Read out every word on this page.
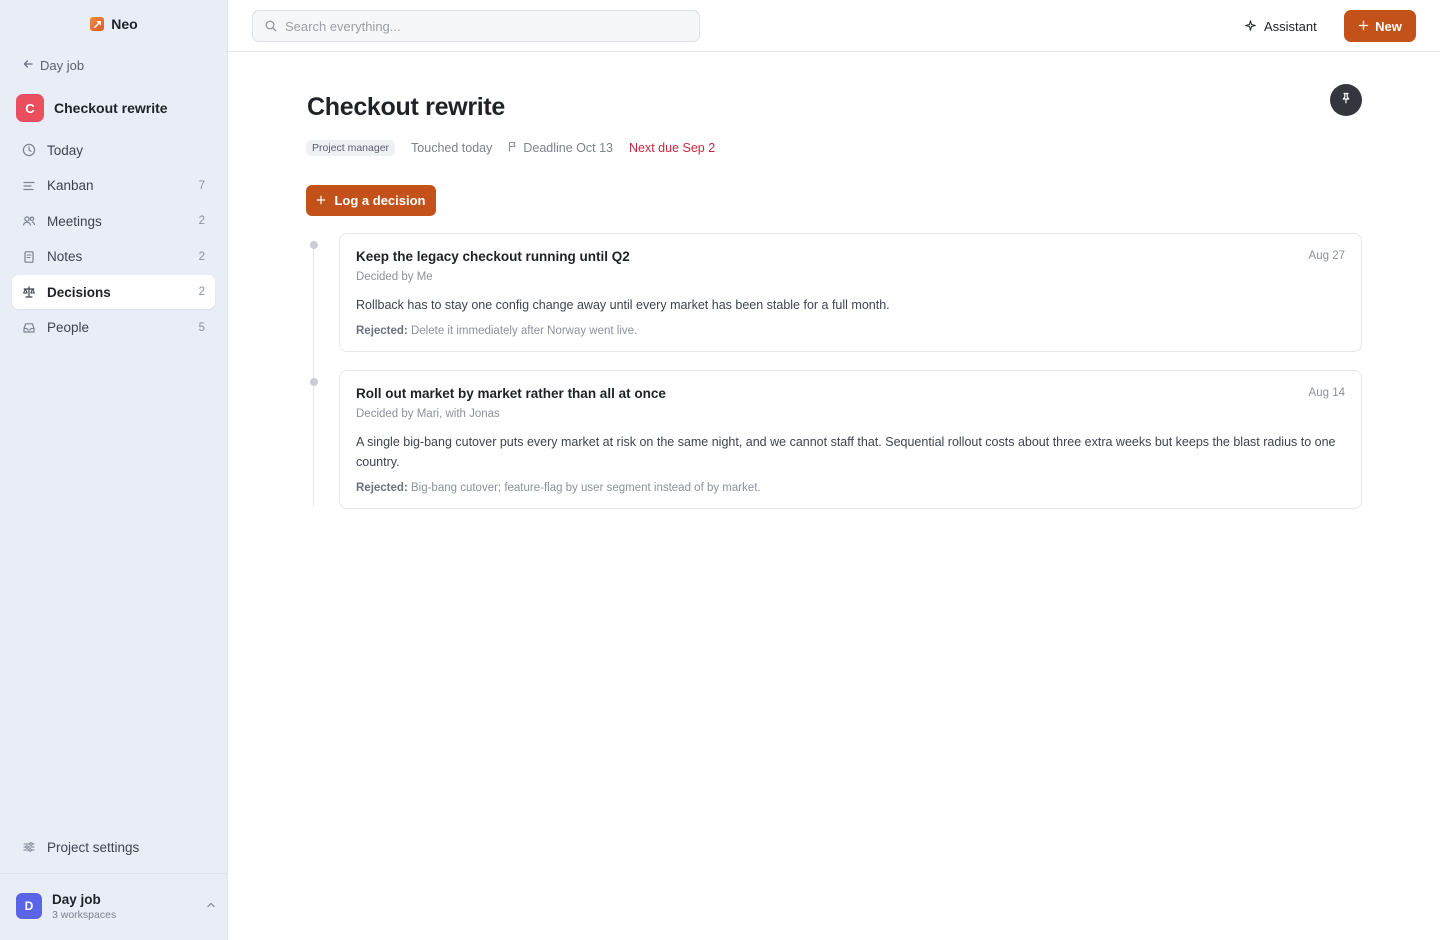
Neo
Day job
C	Checkout rewrite
Today
Kanban	7
Meetings	2
Notes	2
Decisions	2
People	5
Project settings
D	Day job
3 workspaces
Search everything...
Assistant	New
Checkout rewrite
Project manager	Touched today Deadline Oct 13 Next due Sep 2
Log a decision
Keep the legacy checkout running until Q2	Aug 27
Decided by Me
Rollback has to stay one config change away until every market has been stable for a full month.
Rejected: Delete it immediately after Norway went live.
Roll out market by market rather than all at once	Aug 14
Decided by Mari, with Jonas
A single big-bang cutover puts every market at risk on the same night, and we cannot staff that. Sequential rollout costs about three extra weeks but keeps the blast radius to one country.
Rejected: Big-bang cutover; feature-flag by user segment instead of by market.
